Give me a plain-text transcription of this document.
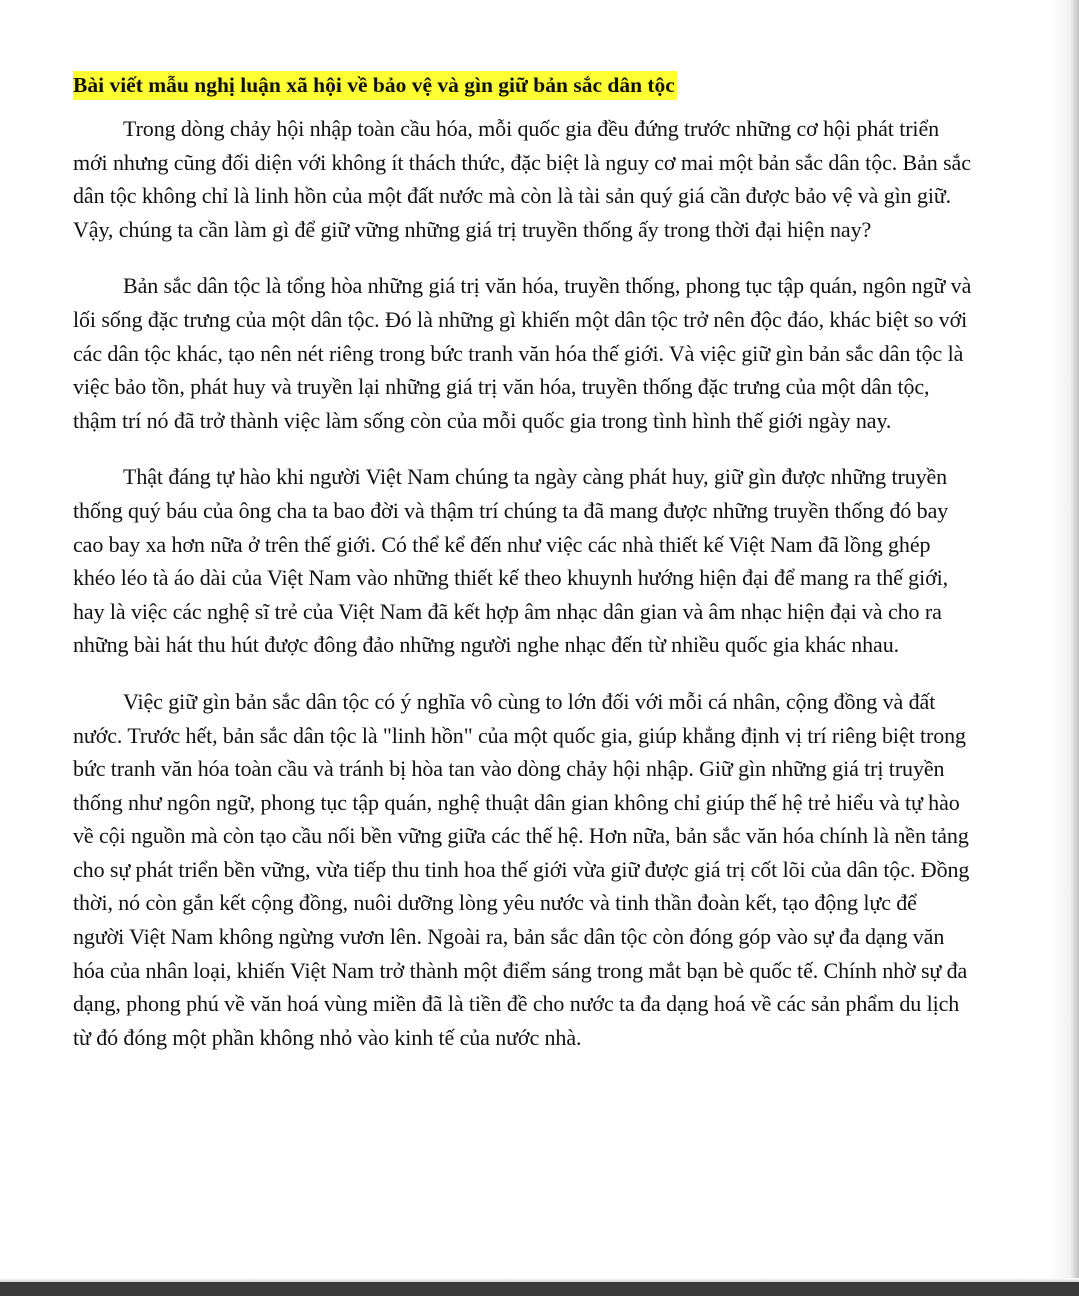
Bài viết mẫu nghị luận xã hội về bảo vệ và gìn giữ bản sắc dân tộc

Trong dòng chảy hội nhập toàn cầu hóa, mỗi quốc gia đều đứng trước những cơ hội phát triển mới nhưng cũng đối diện với không ít thách thức, đặc biệt là nguy cơ mai một bản sắc dân tộc. Bản sắc dân tộc không chỉ là linh hồn của một đất nước mà còn là tài sản quý giá cần được bảo vệ và gìn giữ. Vậy, chúng ta cần làm gì để giữ vững những giá trị truyền thống ấy trong thời đại hiện nay?

Bản sắc dân tộc là tổng hòa những giá trị văn hóa, truyền thống, phong tục tập quán, ngôn ngữ và lối sống đặc trưng của một dân tộc. Đó là những gì khiến một dân tộc trở nên độc đáo, khác biệt so với các dân tộc khác, tạo nên nét riêng trong bức tranh văn hóa thế giới. Và việc giữ gìn bản sắc dân tộc là việc bảo tồn, phát huy và truyền lại những giá trị văn hóa, truyền thống đặc trưng của một dân tộc, thậm trí nó đã trở thành việc làm sống còn của mỗi quốc gia trong tình hình thế giới ngày nay.

Thật đáng tự hào khi người Việt Nam chúng ta ngày càng phát huy, giữ gìn được những truyền thống quý báu của ông cha ta bao đời và thậm trí chúng ta đã mang được những truyền thống đó bay cao bay xa hơn nữa ở trên thế giới. Có thể kể đến như việc các nhà thiết kế Việt Nam đã lồng ghép khéo léo tà áo dài của Việt Nam vào những thiết kế theo khuynh hướng hiện đại để mang ra thế giới, hay là việc các nghệ sĩ trẻ của Việt Nam đã kết hợp âm nhạc dân gian và âm nhạc hiện đại và cho ra những bài hát thu hút được đông đảo những người nghe nhạc đến từ nhiều quốc gia khác nhau.

Việc giữ gìn bản sắc dân tộc có ý nghĩa vô cùng to lớn đối với mỗi cá nhân, cộng đồng và đất nước. Trước hết, bản sắc dân tộc là "linh hồn" của một quốc gia, giúp khẳng định vị trí riêng biệt trong bức tranh văn hóa toàn cầu và tránh bị hòa tan vào dòng chảy hội nhập. Giữ gìn những giá trị truyền thống như ngôn ngữ, phong tục tập quán, nghệ thuật dân gian không chỉ giúp thế hệ trẻ hiểu và tự hào về cội nguồn mà còn tạo cầu nối bền vững giữa các thế hệ. Hơn nữa, bản sắc văn hóa chính là nền tảng cho sự phát triển bền vững, vừa tiếp thu tinh hoa thế giới vừa giữ được giá trị cốt lõi của dân tộc. Đồng thời, nó còn gắn kết cộng đồng, nuôi dưỡng lòng yêu nước và tinh thần đoàn kết, tạo động lực để người Việt Nam không ngừng vươn lên. Ngoài ra, bản sắc dân tộc còn đóng góp vào sự đa dạng văn hóa của nhân loại, khiến Việt Nam trở thành một điểm sáng trong mắt bạn bè quốc tế. Chính nhờ sự đa dạng, phong phú về văn hoá vùng miền đã là tiền đề cho nước ta đa dạng hoá về các sản phẩm du lịch từ đó đóng một phần không nhỏ vào kinh tế của nước nhà.
